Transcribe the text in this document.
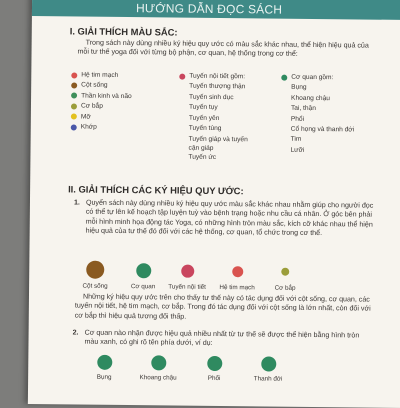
HƯỚNG DẪN ĐỌC SÁCH
I. GIẢI THÍCH MÀU SẮC:
Trong sách này dùng nhiều ký hiệu quy ước có màu sắc khác nhau, thể hiện hiệu quả của mỗi tư thế yoga đối với từng bộ phận, cơ quan, hệ thống trong cơ thể:
Hệ tim mạch
Cột sống
Thần kinh và não
Cơ bắp
Mỡ
Khớp
Tuyến nội tiết gồm:
Tuyến thượng thận
Tuyến sinh dục
Tuyến tụy
Tuyến yên
Tuyến tùng
Tuyến giáp và tuyến cận giáp
Tuyến ức
Cơ quan gồm:
Bụng
Khoang chậu
Tai, thận
Phổi
Cổ họng và thanh đới
Tim
Lưỡi
II. GIẢI THÍCH CÁC KÝ HIỆU QUY ƯỚC:
1. Quyển sách này dùng nhiều ký hiệu quy ước màu sắc khác nhau nhằm giúp cho người đọc có thể tự lên kế hoạch tập luyện tuỳ vào bệnh trạng hoặc nhu cầu cá nhân. Ở góc bên phải mỗi hình minh họa động tác Yoga, có những hình tròn màu sắc, kích cỡ khác nhau thể hiện hiệu quả của tư thế đó đối với các hệ thống, cơ quan, tổ chức trong cơ thể.
Cột sống	Cơ quan	Tuyến nội tiết	Hệ tim mạch	Cơ bắp
Những ký hiệu quy ước trên cho thấy tư thế này có tác dụng đối với cột sống, cơ quan, các tuyến nội tiết, hệ tim mạch, cơ bắp. Trong đó tác dụng đối với cột sống là lớn nhất, còn đối với cơ bắp thì hiệu quả tương đối thấp.
2. Cơ quan nào nhận được hiệu quả nhiều nhất từ tư thế sẽ được thể hiện bằng hình tròn màu xanh, có ghi rõ tên phía dưới, ví dụ:
Bụng	Khoang chậu	Phổi	Thanh đới
